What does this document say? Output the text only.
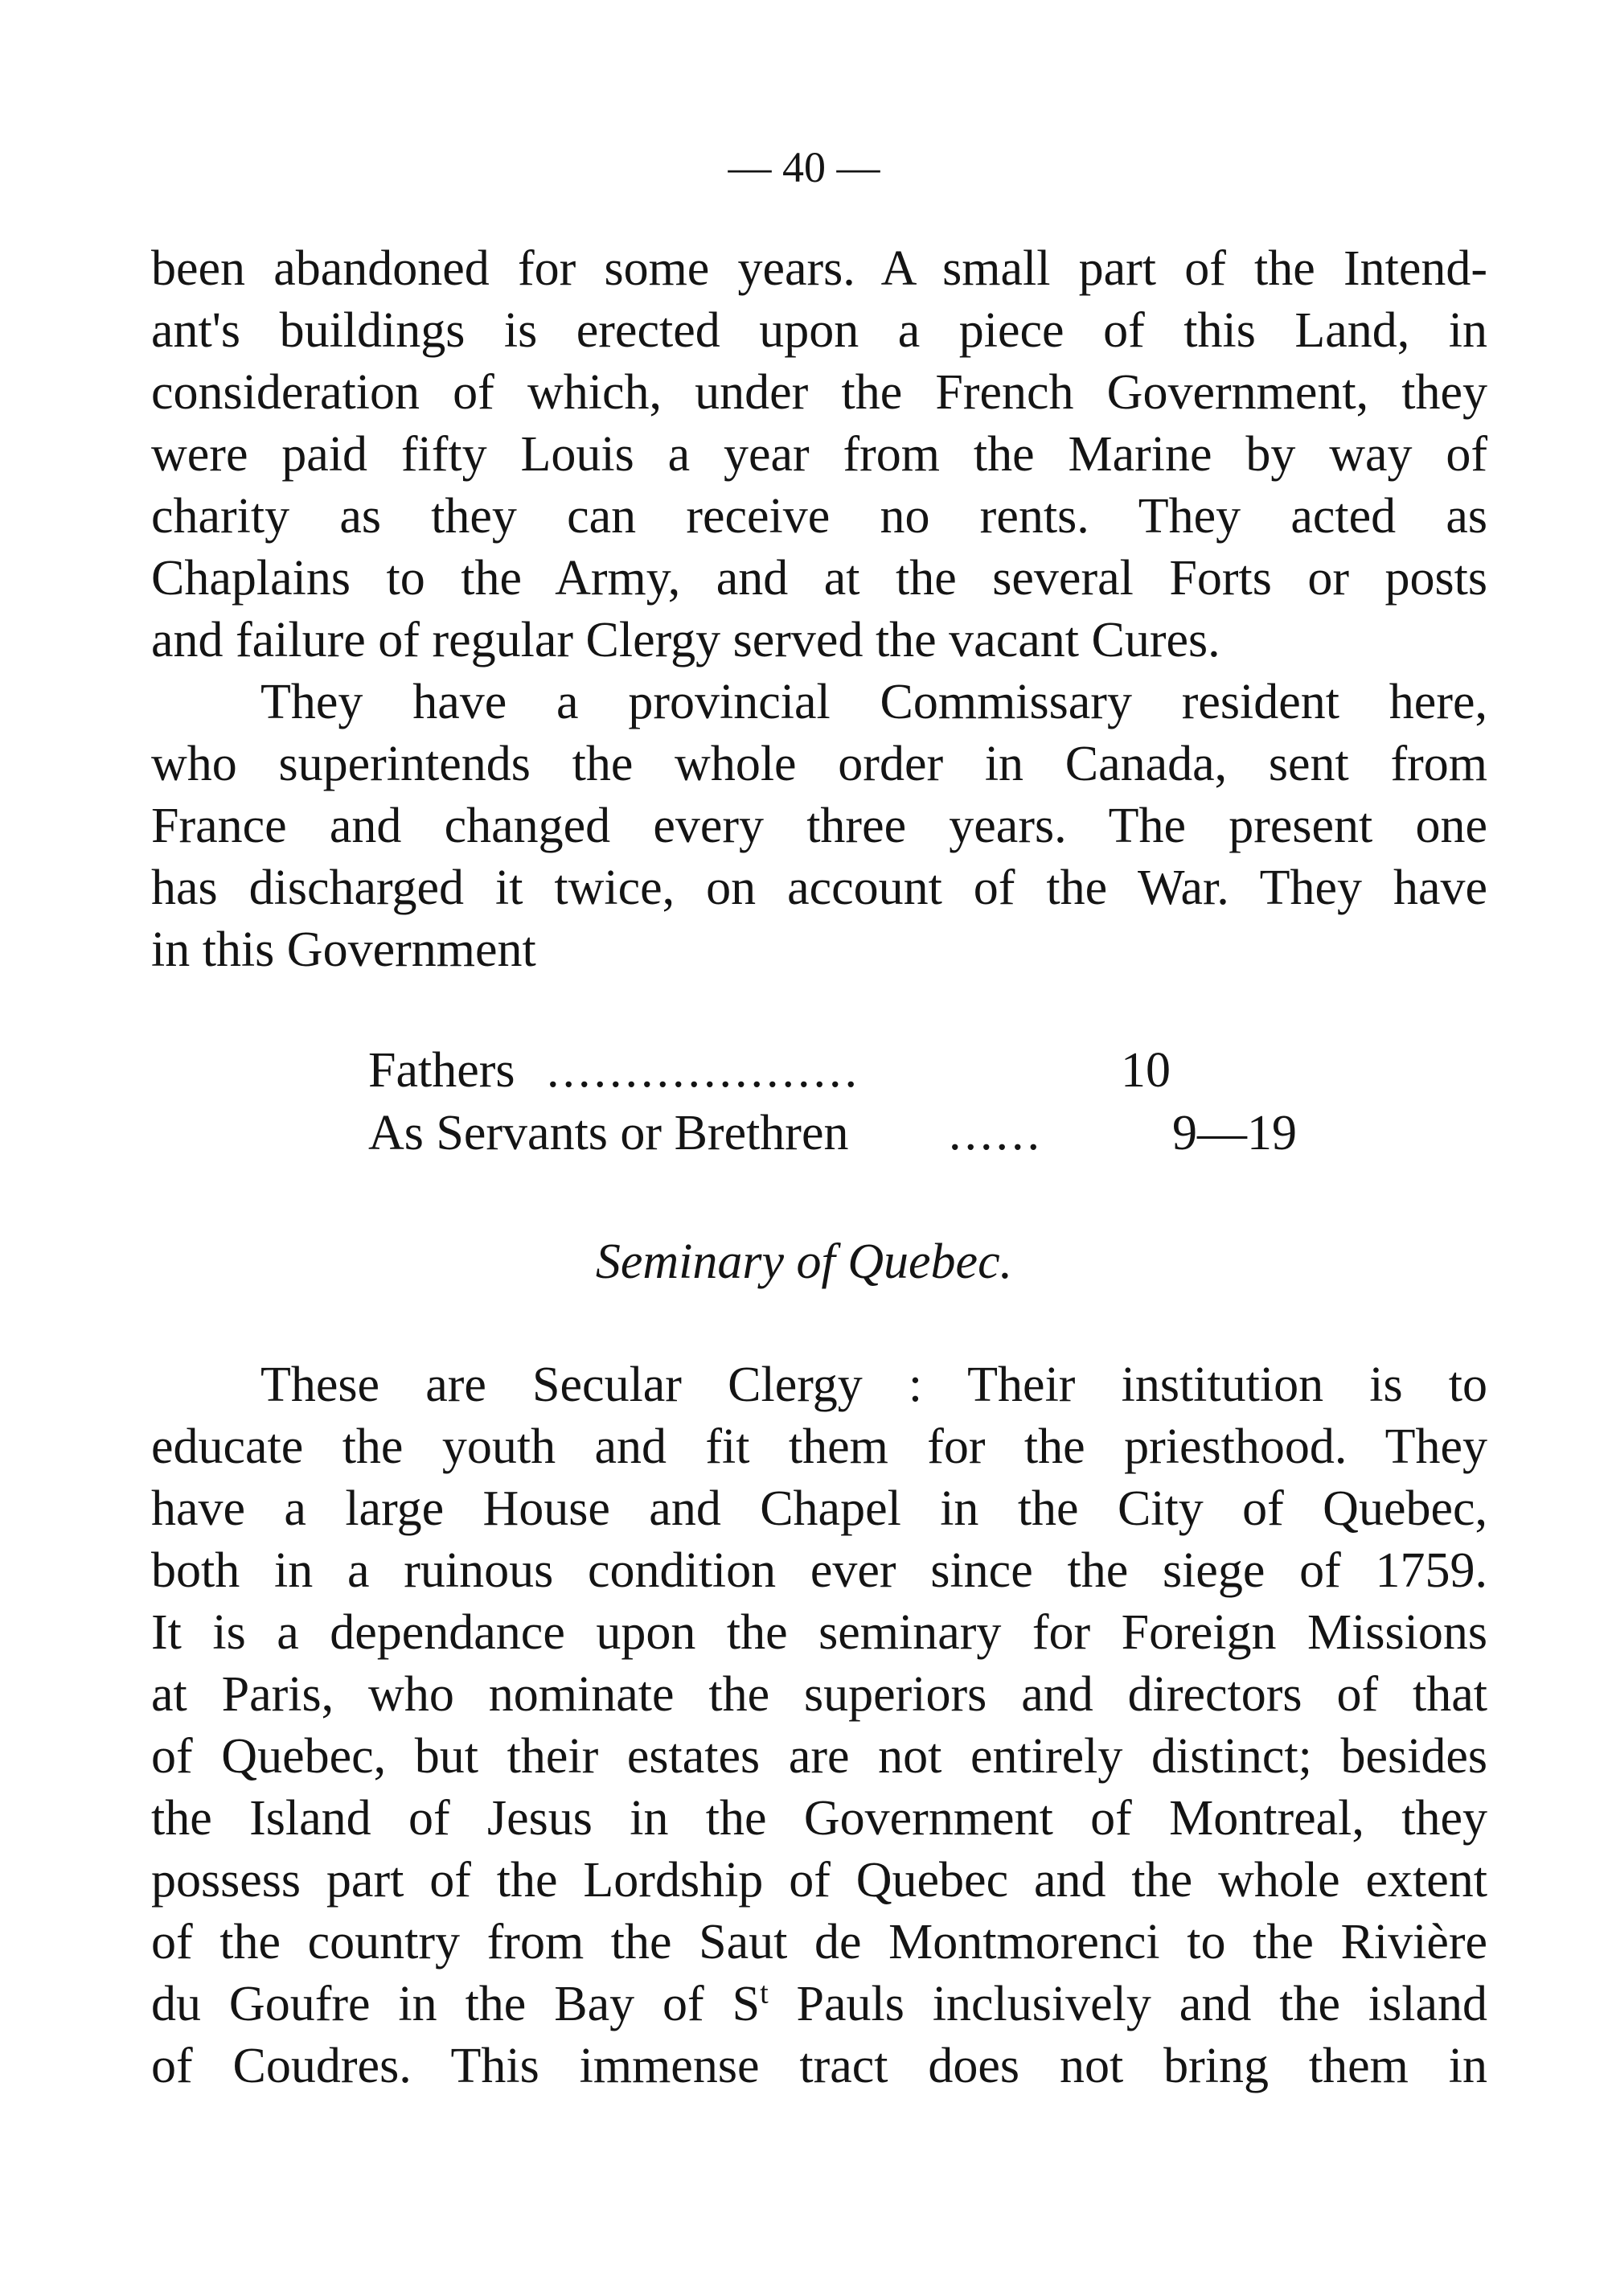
— 40 —
been abandoned for some years. A small part of the Intend-
ant's buildings is erected upon a piece of this Land, in
consideration of which, under the French Government, they
were paid fifty Louis a year from the Marine by way of
charity as they can receive no rents. They acted as
Chaplains to the Army, and at the several Forts or posts
and failure of regular Clergy served the vacant Cures.
They have a provincial Commissary resident here,
who superintends the whole order in Canada, sent from
France and changed every three years. The present one
has discharged it twice, on account of the War. They have
in this Government
Fathers ....................	10
As Servants or Brethren ......	9—19
Seminary of Quebec.
These are Secular Clergy : Their institution is to
educate the youth and fit them for the priesthood. They
have a large House and Chapel in the City of Quebec,
both in a ruinous condition ever since the siege of 1759.
It is a dependance upon the seminary for Foreign Missions
at Paris, who nominate the superiors and directors of that
of Quebec, but their estates are not entirely distinct; besides
the Island of Jesus in the Government of Montreal, they
possess part of the Lordship of Quebec and the whole extent
of the country from the Saut de Montmorenci to the Rivière
du Goufre in the Bay of $S^t$ Pauls inclusively and the island
of Coudres. This immense tract does not bring them in
